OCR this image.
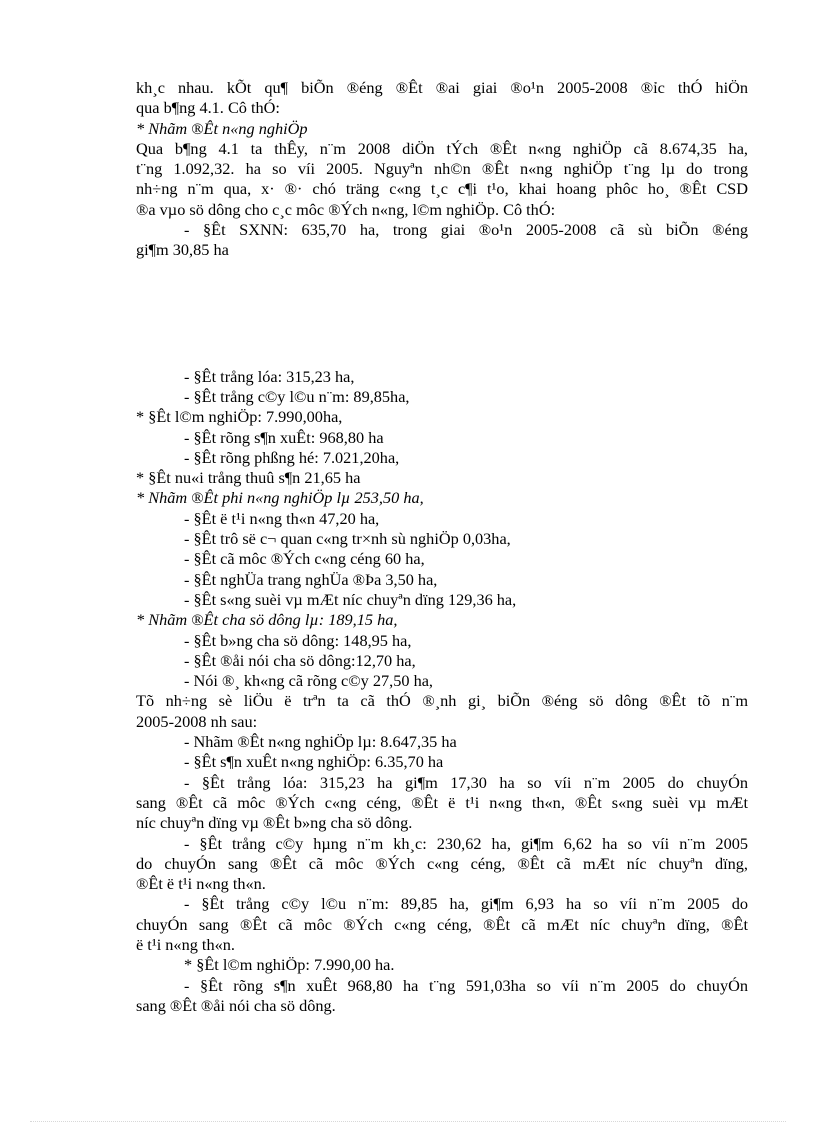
kh¸c nhau. kÕt qu¶ biÕn ®éng ®Êt ®ai giai ®o¹n 2005-2008 ®ỉc thÓ hiÖn
qua b¶ng 4.1. Cô thÓ:
* Nhãm ®Êt n«ng nghiÖp
Qua b¶ng 4.1 ta thÊy, n¨m 2008 diÖn tÝch ®Êt n«ng nghiÖp cã 8.674,35 ha,
t¨ng 1.092,32. ha so víi 2005. Nguyªn nh©n ®Êt n«ng nghiÖp t¨ng lµ do trong
nh÷ng n¨m qua, x· ®· chó träng c«ng t¸c c¶i t¹o, khai hoang phôc ho¸ ®Êt CSD
®a vµo sö dông cho c¸c môc ®Ých n«ng, l©m nghiÖp. Cô thÓ:
- §Êt SXNN: 635,70 ha, trong giai ®o¹n 2005-2008 cã sù biÕn ®éng
gi¶m 30,85 ha
- §Êt trång lóa: 315,23 ha,
- §Êt trång c©y l©u n¨m: 89,85ha,
* §Êt l©m nghiÖp: 7.990,00ha,
- §Êt rõng s¶n xuÊt: 968,80 ha
- §Êt rõng phßng hé: 7.021,20ha,
* §Êt nu«i trång thuû s¶n 21,65 ha
* Nhãm ®Êt phi n«ng nghiÖp lµ 253,50 ha,
- §Êt ë t¹i n«ng th«n 47,20 ha,
- §Êt trô së c¬ quan c«ng tr×nh sù nghiÖp 0,03ha,
- §Êt cã môc ®Ých c«ng céng 60 ha,
- §Êt nghÜa trang nghÜa ®Þa 3,50 ha,
- §Êt s«ng suèi vµ mÆt níc chuyªn dïng 129,36 ha,
* Nhãm ®Êt cha sö dông lµ: 189,15 ha,
- §Êt b»ng cha sö dông: 148,95 ha,
- §Êt ®åi nói cha sö dông:12,70 ha,
- Nói ®¸ kh«ng cã rõng c©y 27,50 ha,
Tõ nh÷ng sè liÖu ë trªn ta cã thÓ ®¸nh gi¸ biÕn ®éng sö dông ®Êt tõ n¨m
2005-2008 nh sau:
- Nhãm ®Êt n«ng nghiÖp lµ: 8.647,35 ha
- §Êt s¶n xuÊt n«ng nghiÖp: 6.35,70 ha
- §Êt trång lóa: 315,23 ha gi¶m 17,30 ha so víi n¨m 2005 do chuyÓn
sang ®Êt cã môc ®Ých c«ng céng, ®Êt ë t¹i n«ng th«n, ®Êt s«ng suèi vµ mÆt
níc chuyªn dïng vµ ®Êt b»ng cha sö dông.
- §Êt trång c©y hµng n¨m kh¸c: 230,62 ha, gi¶m 6,62 ha so víi n¨m 2005
do chuyÓn sang ®Êt cã môc ®Ých c«ng céng, ®Êt cã mÆt níc chuyªn dïng,
®Êt ë t¹i n«ng th«n.
- §Êt trång c©y l©u n¨m: 89,85 ha, gi¶m 6,93 ha so víi n¨m 2005 do
chuyÓn sang ®Êt cã môc ®Ých c«ng céng, ®Êt cã mÆt níc chuyªn dïng, ®Êt
ë t¹i n«ng th«n.
* §Êt l©m nghiÖp: 7.990,00 ha.
- §Êt rõng s¶n xuÊt 968,80 ha t¨ng 591,03ha so víi n¨m 2005 do chuyÓn
sang ®Êt ®åi nói cha sö dông.
